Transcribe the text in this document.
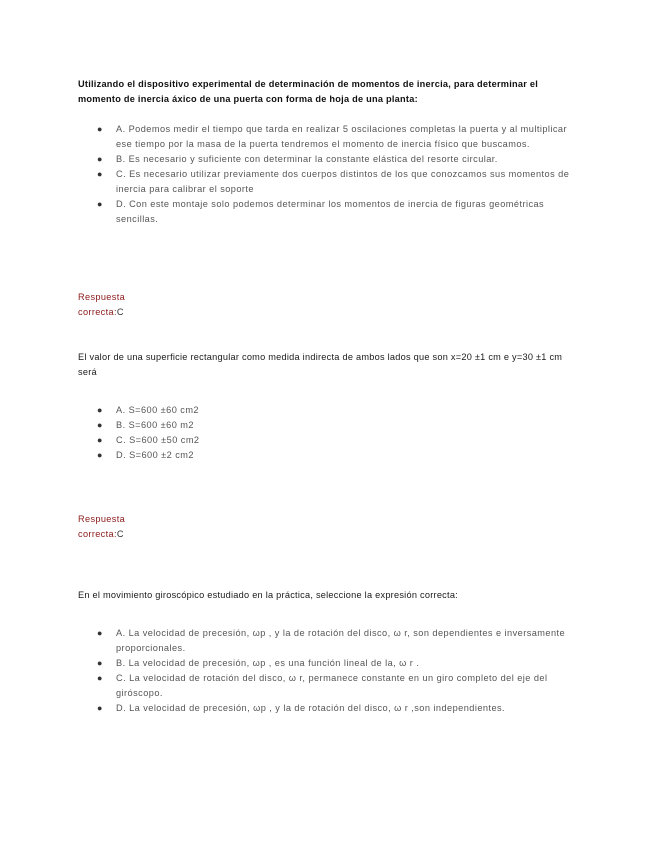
Utilizando el dispositivo experimental de determinación de momentos de inercia, para determinar el momento de inercia áxico de una puerta con forma de hoja de una planta:
● A. Podemos medir el tiempo que tarda en realizar 5 oscilaciones completas la puerta y al multiplicar ese tiempo por la masa de la puerta tendremos el momento de inercia físico que buscamos.
● B. Es necesario y suficiente con determinar la constante elástica del resorte circular.
● C. Es necesario utilizar previamente dos cuerpos distintos de los que conozcamos sus momentos de inercia para calibrar el soporte
● D. Con este montaje solo podemos determinar los momentos de inercia de figuras geométricas sencillas.
Respuesta
correcta:C
El valor de una superficie rectangular como medida indirecta de ambos lados que son x=20 ±1 cm e y=30 ±1 cm será
● A. S=600 ±60 cm2
● B. S=600 ±60 m2
● C. S=600 ±50 cm2
● D. S=600 ±2 cm2
Respuesta
correcta:C
En el movimiento giroscópico estudiado en la práctica, seleccione la expresión correcta:
● A. La velocidad de precesión, ωp , y la de rotación del disco, ω r, son dependientes e inversamente proporcionales.
● B. La velocidad de precesión, ωp , es una función lineal de la, ω r .
● C. La velocidad de rotación del disco, ω r, permanece constante en un giro completo del eje del giróscopo.
● D. La velocidad de precesión, ωp , y la de rotación del disco, ω r ,son independientes.
